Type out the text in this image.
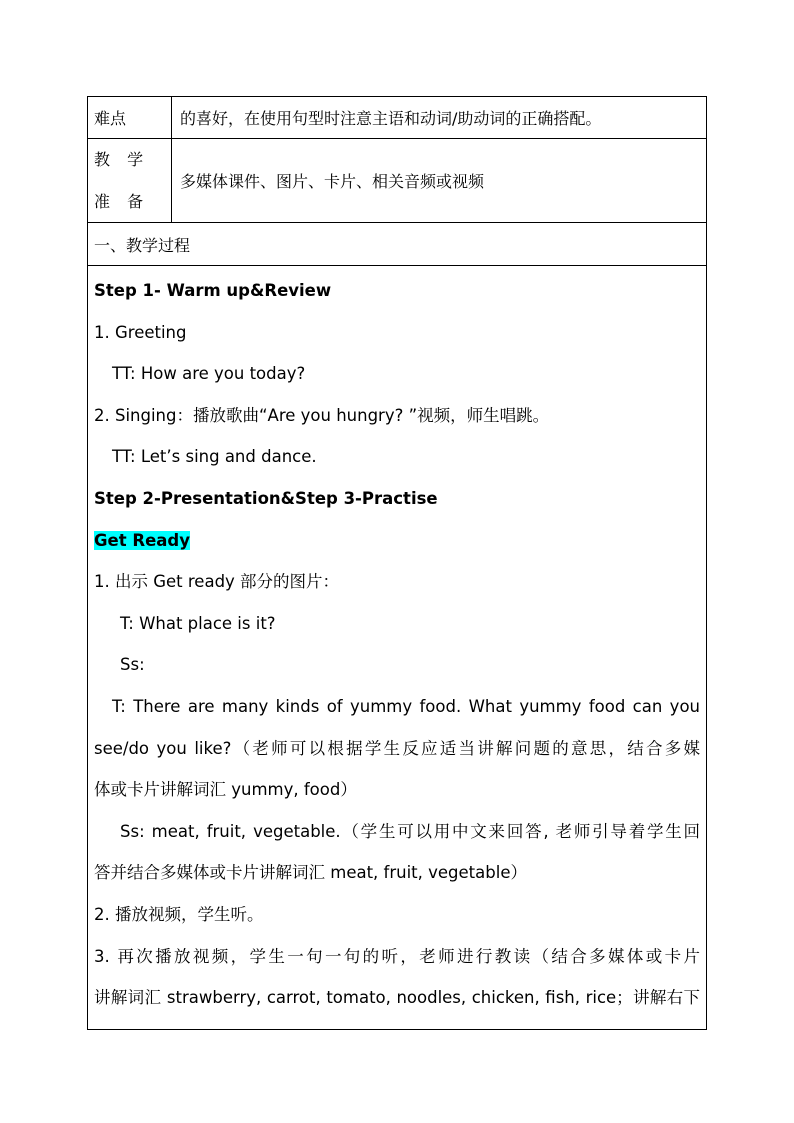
难点	的喜好，在使用句型时注意主语和动词/助动词的正确搭配。
教 学 准 备
多媒体课件、图片、卡片、相关音频或视频
一、教学过程
Step 1- Warm up&Review
1. Greeting
TT: How are you today?
2. Singing：播放歌曲“Are you hungry? ”视频，师生唱跳。
TT: Let’s sing and dance.
Step 2-Presentation&Step 3-Practise
Get Ready
1. 出示 Get ready 部分的图片：
T: What place is it?
Ss:
T: There are many kinds of yummy food. What yummy food can you
see/do you like?（老师可以根据学生反应适当讲解问题的意思，结合多媒
体或卡片讲解词汇 yummy, food）
Ss: meat, fruit, vegetable.（学生可以用中文来回答, 老师引导着学生回
答并结合多媒体或卡片讲解词汇 meat, fruit, vegetable）
2. 播放视频，学生听。
3. 再次播放视频，学生一句一句的听，老师进行教读（结合多媒体或卡片
讲解词汇 strawberry, carrot, tomato, noodles, chicken, fish, rice；讲解右下
